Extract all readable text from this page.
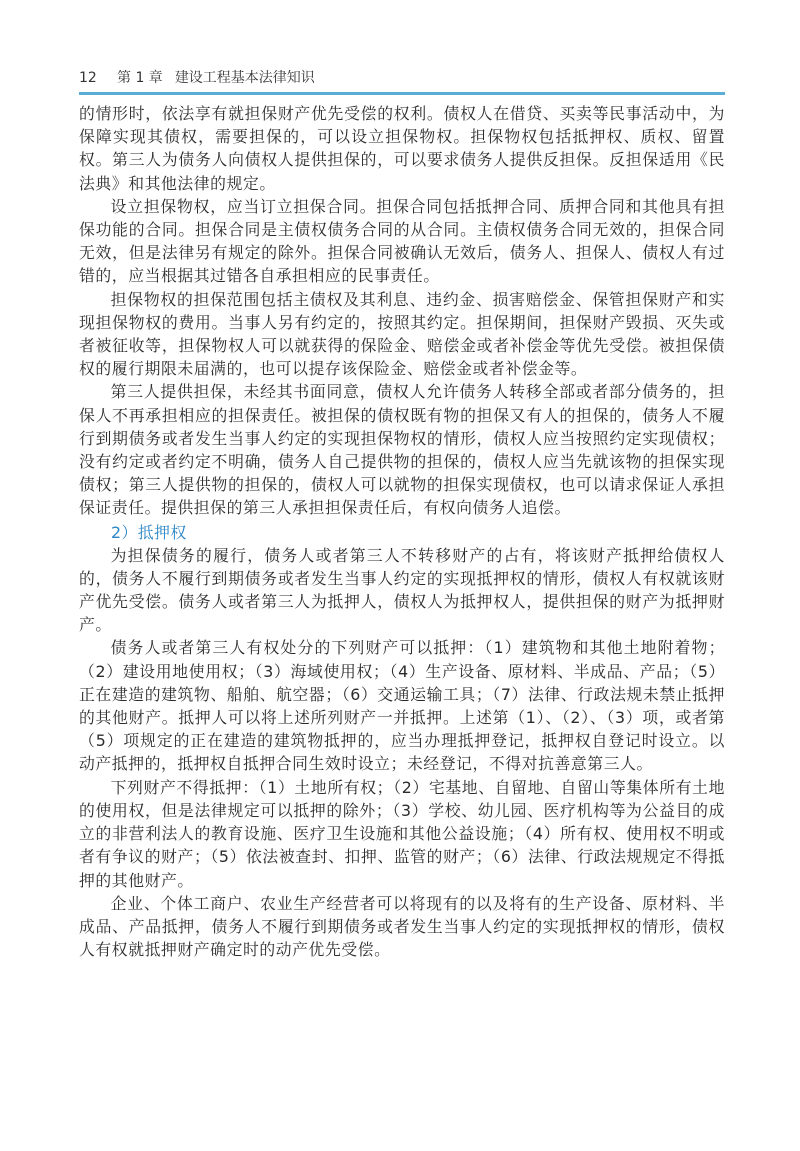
12 第 1 章 建设工程基本法律知识

的情形时，依法享有就担保财产优先受偿的权利。债权人在借贷、买卖等民事活动中，为保障实现其债权，需要担保的，可以设立担保物权。担保物权包括抵押权、质权、留置权。第三人为债务人向债权人提供担保的，可以要求债务人提供反担保。反担保适用《民法典》和其他法律的规定。

设立担保物权，应当订立担保合同。担保合同包括抵押合同、质押合同和其他具有担保功能的合同。担保合同是主债权债务合同的从合同。主债权债务合同无效的，担保合同无效，但是法律另有规定的除外。担保合同被确认无效后，债务人、担保人、债权人有过错的，应当根据其过错各自承担相应的民事责任。

担保物权的担保范围包括主债权及其利息、违约金、损害赔偿金、保管担保财产和实现担保物权的费用。当事人另有约定的，按照其约定。担保期间，担保财产毁损、灭失或者被征收等，担保物权人可以就获得的保险金、赔偿金或者补偿金等优先受偿。被担保债权的履行期限未届满的，也可以提存该保险金、赔偿金或者补偿金等。

第三人提供担保，未经其书面同意，债权人允许债务人转移全部或者部分债务的，担保人不再承担相应的担保责任。被担保的债权既有物的担保又有人的担保的，债务人不履行到期债务或者发生当事人约定的实现担保物权的情形，债权人应当按照约定实现债权；没有约定或者约定不明确，债务人自己提供物的担保的，债权人应当先就该物的担保实现债权；第三人提供物的担保的，债权人可以就物的担保实现债权，也可以请求保证人承担保证责任。提供担保的第三人承担担保责任后，有权向债务人追偿。

2）抵押权

为担保债务的履行，债务人或者第三人不转移财产的占有，将该财产抵押给债权人的，债务人不履行到期债务或者发生当事人约定的实现抵押权的情形，债权人有权就该财产优先受偿。债务人或者第三人为抵押人，债权人为抵押权人，提供担保的财产为抵押财产。

债务人或者第三人有权处分的下列财产可以抵押：（1）建筑物和其他土地附着物；（2）建设用地使用权；（3）海域使用权；（4）生产设备、原材料、半成品、产品；（5）正在建造的建筑物、船舶、航空器；（6）交通运输工具；（7）法律、行政法规未禁止抵押的其他财产。抵押人可以将上述所列财产一并抵押。上述第（1）、（2）、（3）项，或者第（5）项规定的正在建造的建筑物抵押的，应当办理抵押登记，抵押权自登记时设立。以动产抵押的，抵押权自抵押合同生效时设立；未经登记，不得对抗善意第三人。

下列财产不得抵押：（1）土地所有权；（2）宅基地、自留地、自留山等集体所有土地的使用权，但是法律规定可以抵押的除外；（3）学校、幼儿园、医疗机构等为公益目的成立的非营利法人的教育设施、医疗卫生设施和其他公益设施；（4）所有权、使用权不明或者有争议的财产；（5）依法被查封、扣押、监管的财产；（6）法律、行政法规规定不得抵押的其他财产。

企业、个体工商户、农业生产经营者可以将现有的以及将有的生产设备、原材料、半成品、产品抵押，债务人不履行到期债务或者发生当事人约定的实现抵押权的情形，债权人有权就抵押财产确定时的动产优先受偿。
